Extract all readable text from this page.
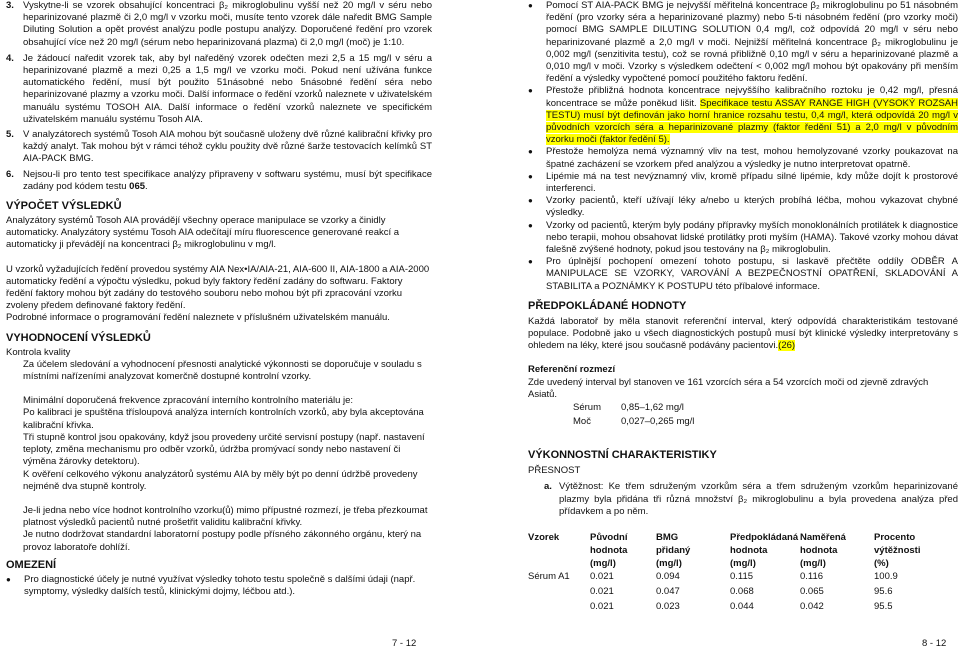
3. Vyskytne-li se vzorek obsahující koncentraci β₂ mikroglobulinu vyšší než 20 mg/l v séru nebo heparinizované plazmě či 2,0 mg/l v vzorku moči, musíte tento vzorek dále naředit BMG Sample Diluting Solution a opět provést analýzu podle postupu analýzy. Doporučené ředění pro vzorek obsahující více než 20 mg/l (sérum nebo heparinizovaná plazma) či 2,0 mg/l (moč) je 1:10.
4. Je žádoucí naředit vzorek tak, aby byl naředěný vzorek odečten mezi 2,5 a 15 mg/l v séru a heparinizované plazmě a mezi 0,25 a 1,5 mg/l ve vzorku moči. Pokud není užívána funkce automatického ředění, musí být použito 51násobné nebo 5násobné ředění séra nebo heparinizované plazmy a vzorku moči. Další informace o ředění vzorků naleznete v uživatelském manuálu systému TOSOH AIA. Další informace o ředění vzorků naleznete ve specifickém uživatelském manuálu systému Tosoh AIA.
5. V analyzátorech systémů Tosoh AIA mohou být současně uloženy dvě různé kalibrační křivky pro každý analyt. Tak mohou být v rámci téhož cyklu použity dvě různé šarže testovacích kelímků ST AIA-PACK BMG.
6. Nejsou-li pro tento test specifikace analýzy připraveny v softwaru systému, musí být specifikace zadány pod kódem testu 065.

VÝPOČET VÝSLEDKŮ

Analyzátory systémů Tosoh AIA provádějí všechny operace manipulace se vzorky a činidly automaticky. Analyzátory systému Tosoh AIA odečítají míru fluorescence generované reakcí a automaticky ji převádějí na koncentraci β₂ mikroglobulinu v mg/l.

U vzorků vyžadujících ředění provedou systémy AIA Nex•IA/AIA-21, AIA-600 II, AIA-1800 a AIA-2000 automaticky ředění a výpočtu výsledku, pokud byly faktory ředění zadány do softwaru. Faktory ředění faktory mohou být zadány do testového souboru nebo mohou být při zpracování vzorku zvoleny předem definované faktory ředění.

Podrobné informace o programování ředění naleznete v příslušném uživatelském manuálu.

VYHODNOCENÍ VÝSLEDKŮ

Kontrola kvality

Za účelem sledování a vyhodnocení přesnosti analytické výkonnosti se doporučuje v souladu s místními nařízeními analyzovat komerčně dostupné kontrolní vzorky.

Minimální doporučená frekvence zpracování interního kontrolního materiálu je:

Po kalibraci je spuštěna třísloupová analýza interních kontrolních vzorků, aby byla akceptována kalibrační křivka.

Tři stupně kontrol jsou opakovány, když jsou provedeny určité servisní postupy (např. nastavení teploty, změna mechanismu pro odběr vzorků, údržba promývací sondy nebo nastavení či výměna žárovky detektoru).

K ověření celkového výkonu analyzátorů systému AIA by měly být po denní údržbě provedeny nejméně dva stupně kontroly.

Je-li jedna nebo více hodnot kontrolního vzorku(ů) mimo přípustné rozmezí, je třeba přezkoumat platnost výsledků pacientů nutné prošetřit validitu kalibrační křivky.

Je nutno dodržovat standardní laboratorní postupy podle přísného zákonného orgánu, který na provoz laboratoře dohlíží.

OMEZENÍ

●	Pro diagnostické účely je nutné využívat výsledky tohoto testu společně s dalšími údaji (např. symptomy, výsledky dalších testů, klinickými dojmy, léčbou atd.).
7 - 12
●	Pomocí ST AIA-PACK BMG je nejvyšší měřitelná koncentrace β₂ mikroglobulinu po 51 násobném ředění (pro vzorky séra a heparinizované plazmy) nebo 5-ti násobném ředění (pro vzorky moči) pomocí BMG SAMPLE DILUTING SOLUTION 0,4 mg/l, což odpovídá 20 mg/l v séru nebo heparinizované plazmě a 2,0 mg/l v moči. Nejnižší měřitelná koncentrace β₂ mikroglobulinu je 0,002 mg/l (senzitivita testu), což se rovná přibližně 0,10 mg/l v séru a heparinizované plazmě a 0,010 mg/l v moči. Vzorky s výsledkem odečtení < 0,002 mg/l mohou být opakovány při menším ředění a výsledky vypočtené pomocí použitého faktoru ředění.
●	Přestože přibližná hodnota koncentrace nejvyššího kalibračního roztoku je 0,42 mg/l, přesná koncentrace se může poněkud lišit. Specifikace testu ASSAY RANGE HIGH (VYSOKÝ ROZSAH TESTU) musí být definován jako horní hranice rozsahu testu, 0,4 mg/l, která odpovídá 20 mg/l v původních vzorcích séra a heparinizované plazmy (faktor ředění 51) a 2,0 mg/l v původním vzorku moči (faktor ředění 5).
●	Přestože hemolýza nemá významný vliv na test, mohou hemolyzované vzorky poukazovat na špatné zacházení se vzorkem před analýzou a výsledky je nutno interpretovat opatrně.
●	Lipémie má na test nevýznamný vliv, kromě případu silné lipémie, kdy může dojít k prostorové interferenci.
●	Vzorky pacientů, kteří užívají léky a/nebo u kterých probíhá léčba, mohou vykazovat chybné výsledky.
●	Vzorky od pacientů, kterým byly podány přípravky myších monoklonálních protilátek k diagnostice nebo terapii, mohou obsahovat lidské protilátky proti myším (HAMA). Takové vzorky mohou dávat falešně zvýšené hodnoty, pokud jsou testovány na β₂ mikroglobulin.
●	Pro úplnější pochopení omezení tohoto postupu, si laskavě přečtěte oddíly ODBĚR A MANIPULACE SE VZORKY, VAROVÁNÍ A BEZPEČNOSTNÍ OPATŘENÍ, SKLADOVÁNÍ A STABILITA a POZNÁMKY K POSTUPU této příbalové informace.

PŘEDPOKLÁDANÉ HODNOTY

Každá laboratoř by měla stanovit referenční interval, který odpovídá charakteristikám testované populace. Podobně jako u všech diagnostických postupů musí být klinické výsledky interpretovány s ohledem na léky, které jsou současně podávány pacientovi.(26)

Referenční rozmezí

Zde uvedený interval byl stanoven ve 161 vzorcích séra a 54 vzorcích moči od zjevně zdravých Asiatů.

Sérum	0,85–1,62 mg/l
Moč	0,027–0,265 mg/l

VÝKONNOSTNÍ CHARAKTERISTIKY

PŘESNOST

a. Výtěžnost: Ke třem sdruženým vzorkům séra a třem sdruženým vzorkům heparinizované plazmy byla přidána tři různá množství β₂ mikroglobulinu a byla provedena analýza před přídavkem a po něm.
Vzorek	Původní	BMG	Předpokládaná	Naměřená	Procento
	hodnota	přidaný	hodnota	hodnota	výtěžnosti
	(mg/l)	(mg/l)	(mg/l)	(mg/l)	(%)
Sérum A1	0.021	0.094	0.115	0.116	100.9
	0.021	0.047	0.068	0.065	95.6
	0.021	0.023	0.044	0.042	95.5
8 - 12
